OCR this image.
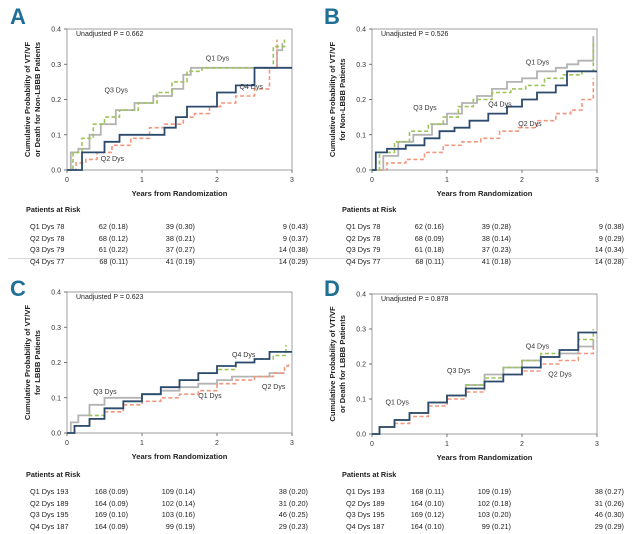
A
0.0
0.1
0.2
0.3
0.4
0	1	2	3
Years from Randomization
Cumulative Probability of VT/VF or Death for Non-LBBB Patients
Unadjusted P = 0.662
Q1 Dys
Q3 Dys
Q4 Dys
Q2 Dys
Patients at Risk
Q1 Dys 78	62 (0.18)	39 (0.30)	9 (0.43)
Q2 Dys 78	68 (0.12)	38 (0.21)	9 (0.37)
Q3 Dys 79	61 (0.22)	37 (0.27)	14 (0.38)
Q4 Dys 77	68 (0.11)	41 (0.19)	14 (0.29)
B
0.0
0.1
0.2
0.3
0.4
0	1	2	3
Years from Randomization
Cumulative Probability of VT/VF for Non-LBBB Patients
Unadjusted P = 0.526
Q1 Dys
Q3 Dys
Q4 Dys
Q2 Dys
Patients at Risk
Q1 Dys 78	62 (0.16)	39 (0.28)	9 (0.38)
Q2 Dys 78	68 (0.09)	38 (0.14)	9 (0.29)
Q3 Dys 79	61 (0.18)	37 (0.23)	14 (0.34)
Q4 Dys 77	68 (0.11)	41 (0.18)	14 (0.28)
C
0.0
0.1
0.2
0.3
0.4
0	1	2	3
Years from Randomization
Cumulative Probability of VT/VF for LBBB Patients
Unadjusted P = 0.623
Q4 Dys
Q3 Dys
Q1 Dys
Q2 Dys
Patients at Risk
Q1 Dys 193	168 (0.09)	109 (0.14)	38 (0.20)
Q2 Dys 189	164 (0.09)	102 (0.14)	31 (0.20)
Q3 Dys 195	169 (0.10)	103 (0.16)	46 (0.25)
Q4 Dys 187	164 (0.09)	99 (0.19)	29 (0.23)
D
0.0
0.1
0.2
0.3
0.4
0	1	2	3
Years from Randomization
Cumulative Probability of VT/VF or Death for LBBB Patients
Unadjusted P = 0.878
Q4 Dys
Q3 Dys	Q2 Dys
Q1 Dys
Patients at Risk
Q1 Dys 193	168 (0.11)	109 (0.19)	38 (0.27)
Q2 Dys 189	164 (0.10)	102 (0.18)	31 (0.26)
Q3 Dys 195	169 (0.12)	103 (0.20)	46 (0.30)
Q4 Dys 187	164 (0.10)	99 (0.21)	29 (0.29)
